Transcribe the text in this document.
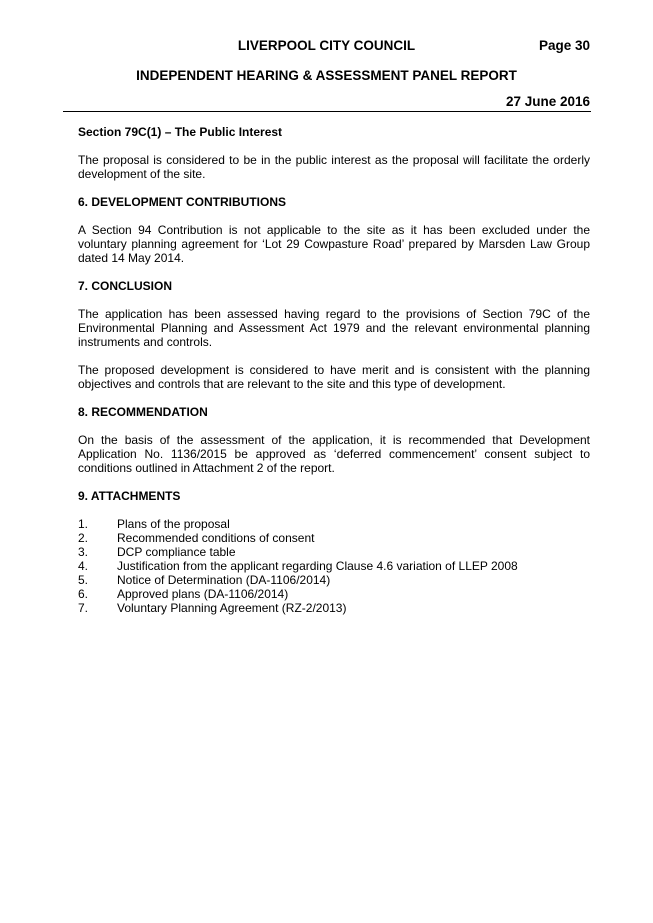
LIVERPOOL CITY COUNCIL	Page 30
INDEPENDENT HEARING & ASSESSMENT PANEL REPORT
27 June 2016
Section 79C(1) – The Public Interest

The proposal is considered to be in the public interest as the proposal will facilitate the orderly development of the site.

6. DEVELOPMENT CONTRIBUTIONS

A Section 94 Contribution is not applicable to the site as it has been excluded under the voluntary planning agreement for ‘Lot 29 Cowpasture Road’ prepared by Marsden Law Group dated 14 May 2014.

7. CONCLUSION

The application has been assessed having regard to the provisions of Section 79C of the Environmental Planning and Assessment Act 1979 and the relevant environmental planning instruments and controls.

The proposed development is considered to have merit and is consistent with the planning objectives and controls that are relevant to the site and this type of development.

8. RECOMMENDATION

On the basis of the assessment of the application, it is recommended that Development Application No. 1136/2015 be approved as ‘deferred commencement’ consent subject to conditions outlined in Attachment 2 of the report.

9. ATTACHMENTS
1.	Plans of the proposal
2.	Recommended conditions of consent
3.	DCP compliance table
4.	Justification from the applicant regarding Clause 4.6 variation of LLEP 2008
5.	Notice of Determination (DA-1106/2014)
6.	Approved plans (DA-1106/2014)
7.	Voluntary Planning Agreement (RZ-2/2013)
